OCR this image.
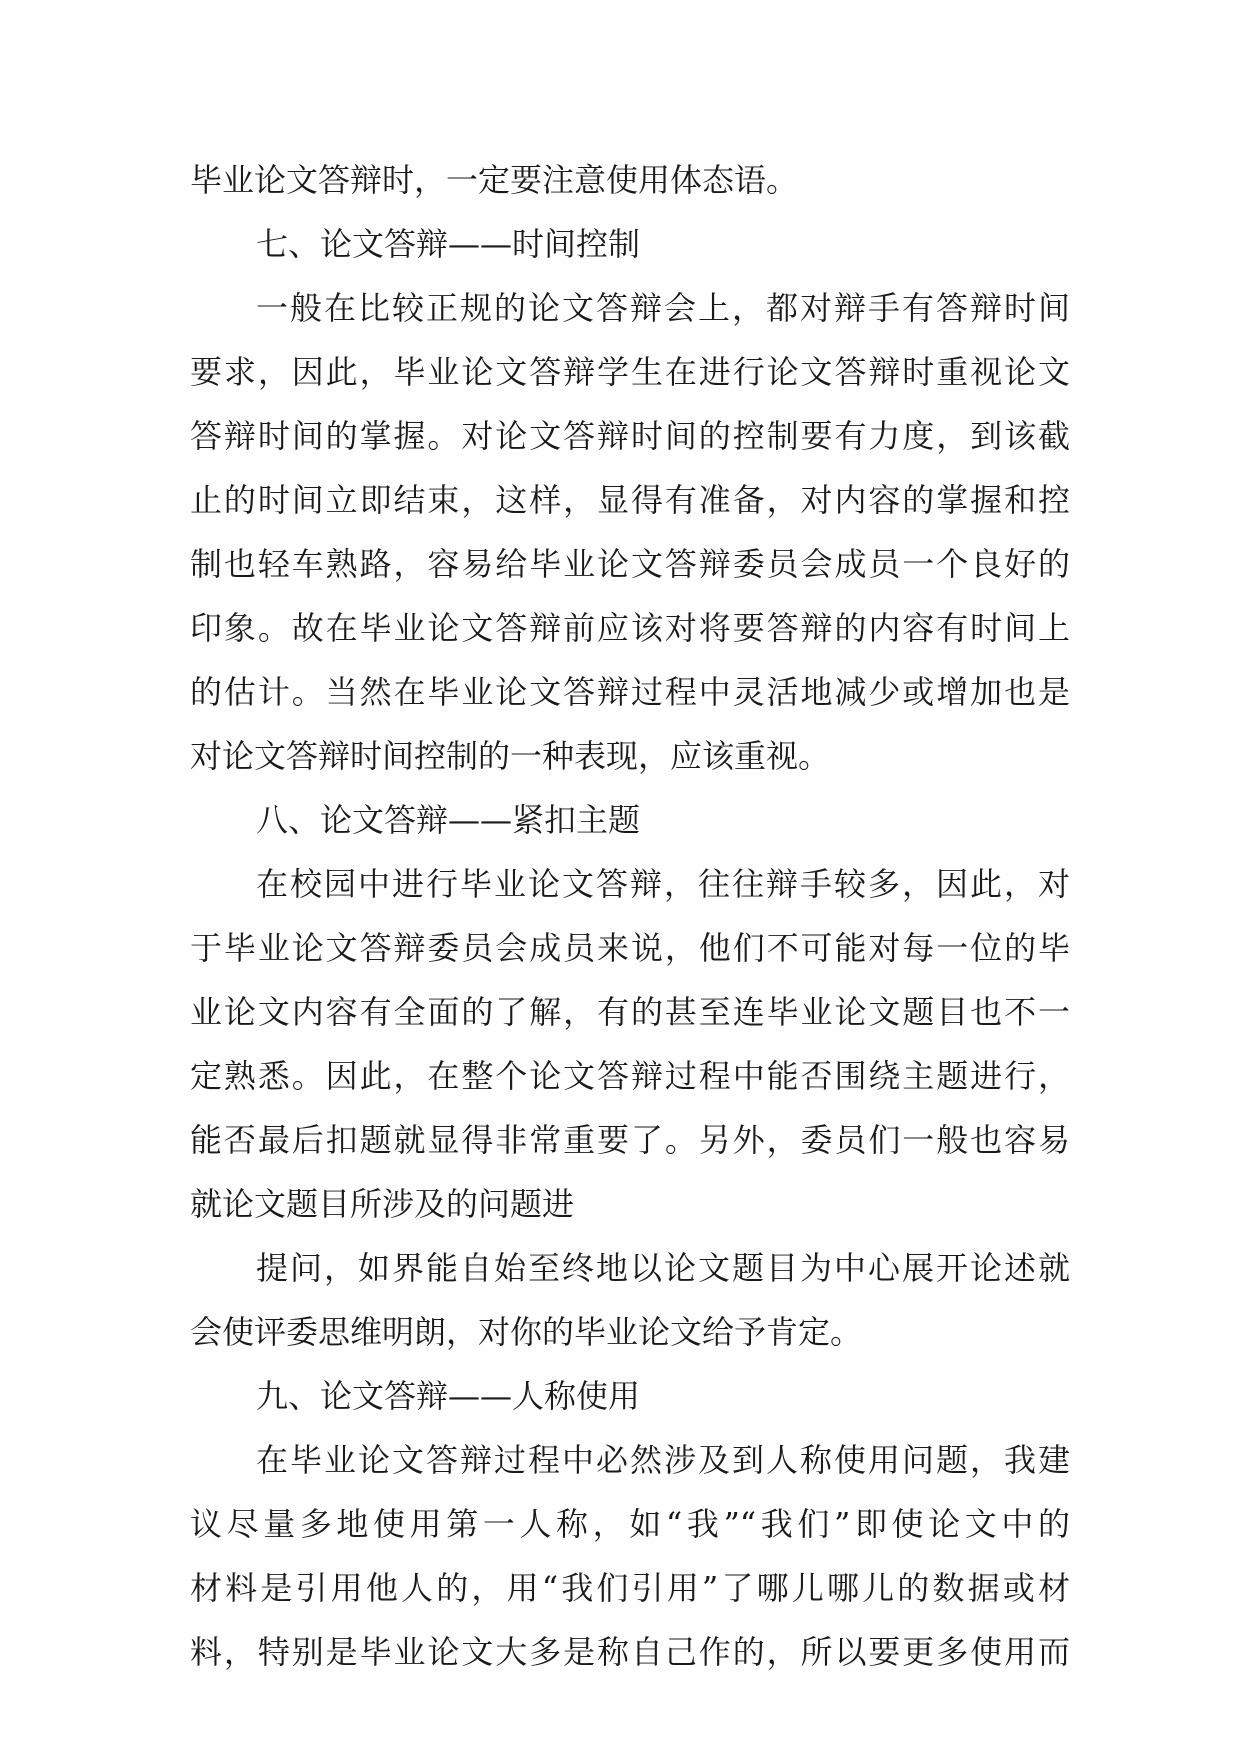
毕业论文答辩时，一定要注意使用体态语。
七、论文答辩——时间控制
一般在比较正规的论文答辩会上，都对辩手有答辩时间
要求，因此，毕业论文答辩学生在进行论文答辩时重视论文
答辩时间的掌握。对论文答辩时间的控制要有力度，到该截
止的时间立即结束，这样，显得有准备，对内容的掌握和控
制也轻车熟路，容易给毕业论文答辩委员会成员一个良好的
印象。故在毕业论文答辩前应该对将要答辩的内容有时间上
的估计。当然在毕业论文答辩过程中灵活地减少或增加也是
对论文答辩时间控制的一种表现，应该重视。
八、论文答辩——紧扣主题
在校园中进行毕业论文答辩，往往辩手较多，因此，对
于毕业论文答辩委员会成员来说，他们不可能对每一位的毕
业论文内容有全面的了解，有的甚至连毕业论文题目也不一
定熟悉。因此，在整个论文答辩过程中能否围绕主题进行，
能否最后扣题就显得非常重要了。另外，委员们一般也容易
就论文题目所涉及的问题进
提问，如界能自始至终地以论文题目为中心展开论述就
会使评委思维明朗，对你的毕业论文给予肯定。
九、论文答辩——人称使用
在毕业论文答辩过程中必然涉及到人称使用问题，我建
议尽量多地使用第一人称，如“我”“我们”即使论文中的
材料是引用他人的，用“我们引用”了哪儿哪儿的数据或材
料，特别是毕业论文大多是称自己作的，所以要更多使用而
